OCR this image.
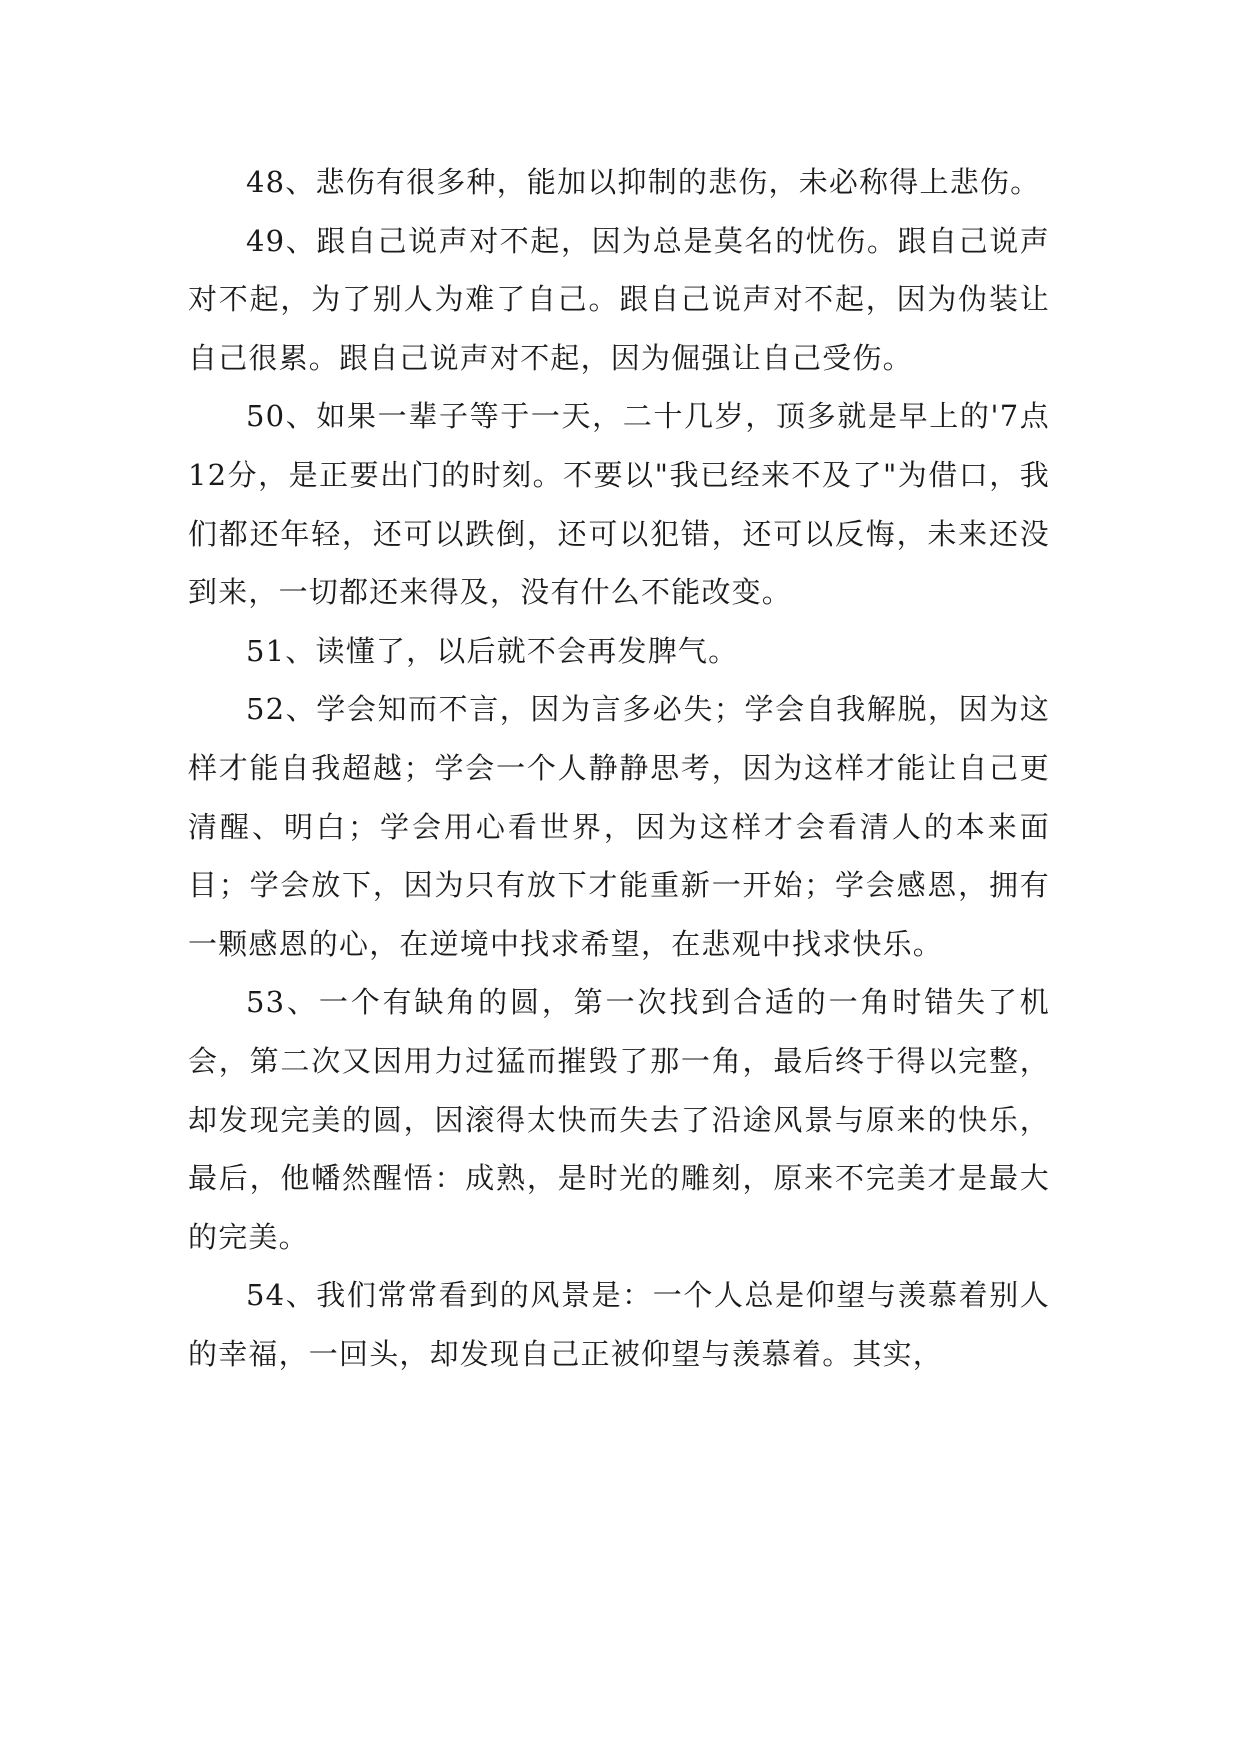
48、悲伤有很多种，能加以抑制的悲伤，未必称得上悲伤。

49、跟自己说声对不起，因为总是莫名的忧伤。跟自己说声对不起，为了别人为难了自己。跟自己说声对不起，因为伪装让自己很累。跟自己说声对不起，因为倔强让自己受伤。

50、如果一辈子等于一天，二十几岁，顶多就是早上的'7点12分，是正要出门的时刻。不要以"我已经来不及了"为借口，我们都还年轻，还可以跌倒，还可以犯错，还可以反悔，未来还没到来，一切都还来得及，没有什么不能改变。

51、读懂了，以后就不会再发脾气。

52、学会知而不言，因为言多必失；学会自我解脱，因为这样才能自我超越；学会一个人静静思考，因为这样才能让自己更清醒、明白；学会用心看世界，因为这样才会看清人的本来面目；学会放下，因为只有放下才能重新一开始；学会感恩，拥有一颗感恩的心，在逆境中找求希望，在悲观中找求快乐。

53、一个有缺角的圆，第一次找到合适的一角时错失了机会，第二次又因用力过猛而摧毁了那一角，最后终于得以完整，却发现完美的圆，因滚得太快而失去了沿途风景与原来的快乐，最后，他幡然醒悟：成熟，是时光的雕刻，原来不完美才是最大的完美。

54、我们常常看到的风景是：一个人总是仰望与羡慕着别人的幸福，一回头，却发现自己正被仰望与羡慕着。其实，
